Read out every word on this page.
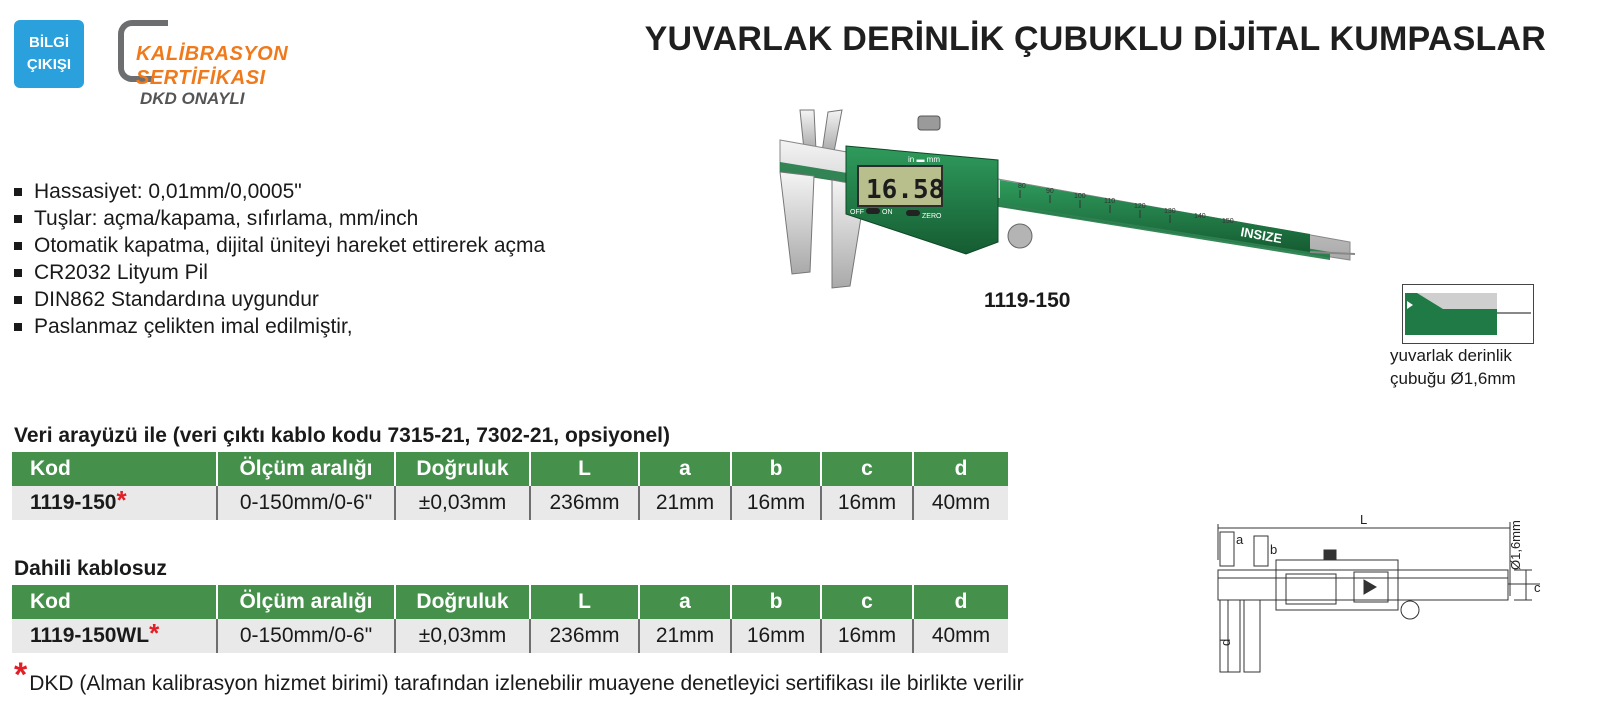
BİLGİ
ÇIKIŞI	KALİBRASYON
SERTİFİKASI
DKD ONAYLI
YUVARLAK DERİNLİK ÇUBUKLU DİJİTAL KUMPASLAR
Hassasiyet: 0,01mm/0,0005"
Tuşlar: açma/kapama, sıfırlama, mm/inch
Otomatik kapatma, dijital üniteyi hareket ettirerek açma
CR2032 Lityum Pil
DIN862 Standardına uygundur
Paslanmaz çelikten imal edilmiştir,
80
90
100
110
120
130
140
150
INSIZE
in ▬ mm
16.58
OFF	ON
ZERO
1119-150
yuvarlak derinlik
çubuğu Ø1,6mm
Veri arayüzü ile (veri çıktı kablo kodu 7315-21, 7302-21, opsiyonel)
Kod	Ölçüm aralığı	Doğruluk	L	a	b	c	d
1119-150*	0-150mm/0-6"	±0,03mm	236mm	21mm	16mm	16mm	40mm
Dahili kablosuz
Kod	Ölçüm aralığı	Doğruluk	L	a	b	c	d
1119-150WL*	0-150mm/0-6"	±0,03mm	236mm	21mm	16mm	16mm	40mm
L
a
b
c
d
Ø1,6mm
* DKD (Alman kalibrasyon hizmet birimi) tarafından izlenebilir muayene denetleyici sertifikası ile birlikte verilir
